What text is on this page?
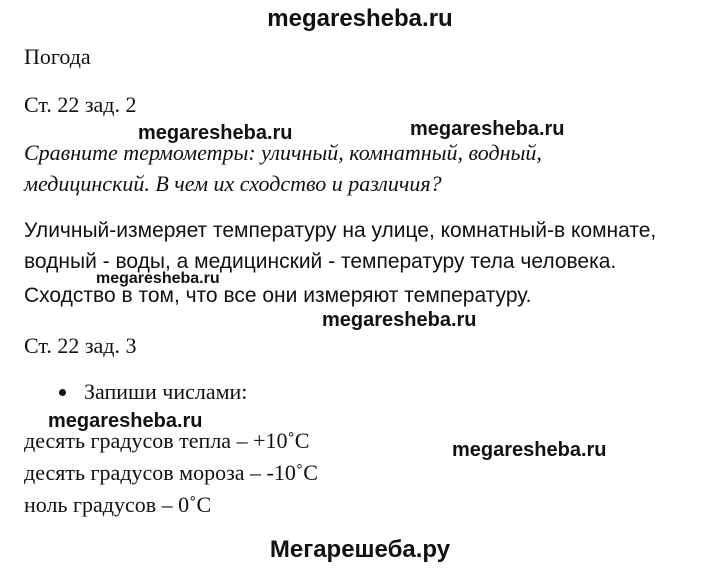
megaresheba.ru
Погода
Ст. 22 зад. 2
megaresheba.ru	megaresheba.ru
Сравните термометры: уличный, комнатный, водный,
медицинский. В чем их сходство и различия?
Уличный-измеряет температуру на улице, комнатный-в комнате,
водный - воды, а медицинский - температуру тела человека.
megaresheba.ru
Сходство в том, что все они измеряют температуру.
megaresheba.ru
Ст. 22 зад. 3
Запиши числами:
megaresheba.ru
десять градусов тепла – +10˚С	megaresheba.ru
десять градусов мороза – -10˚С
ноль градусов – 0˚С
Мегарешеба.ру
